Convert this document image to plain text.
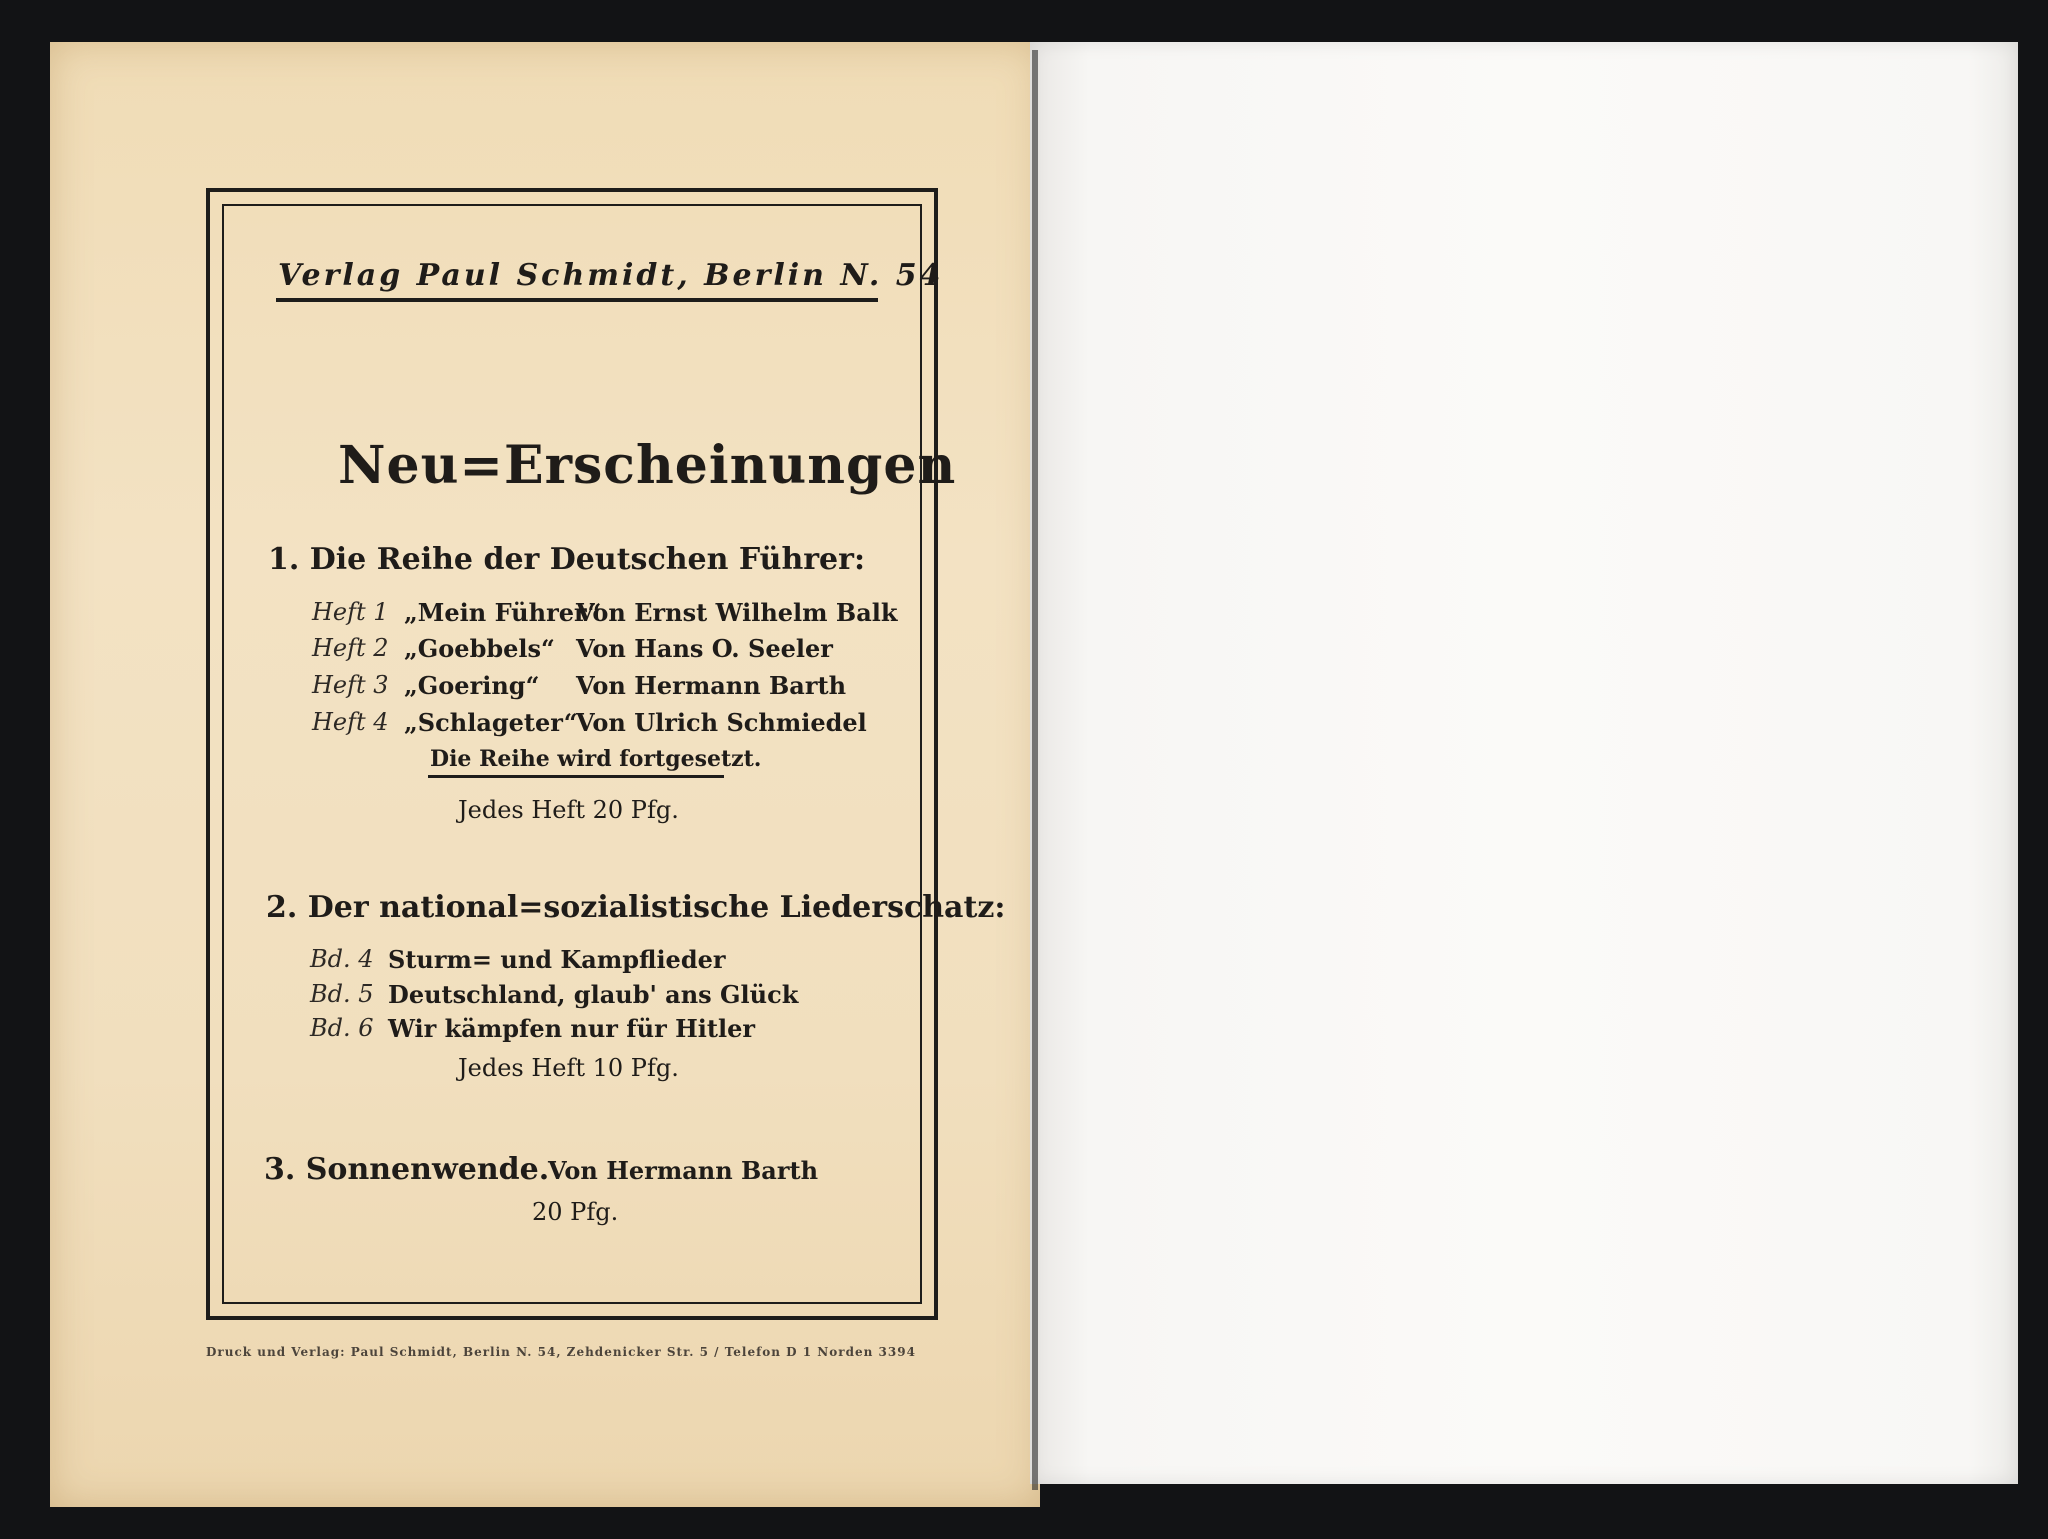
Verlag Paul Schmidt, Berlin N. 54
Neu=Erscheinungen
1. Die Reihe der Deutschen Führer:
Heft 1 „Mein Führer“
Von Ernst Wilhelm Balk
Heft 2 „Goebbels“ Von Hans O. Seeler
Heft 3 „Goering“ Von Hermann Barth
Heft 4 „Schlageter“
Von Ulrich Schmiedel
Die Reihe wird fortgesetzt.
Jedes Heft 20 Pfg.
2. Der national=sozialistische Liederschatz:
Bd. 4 Sturm= und Kampflieder
Bd. 5 Deutschland, glaub' ans Glück
Bd. 6 Wir kämpfen nur für Hitler
Jedes Heft 10 Pfg.
3. Sonnenwende.
Von Hermann Barth
20 Pfg.
Druck und Verlag: Paul Schmidt, Berlin N. 54, Zehdenicker Str. 5 / Telefon D 1 Norden 3394
